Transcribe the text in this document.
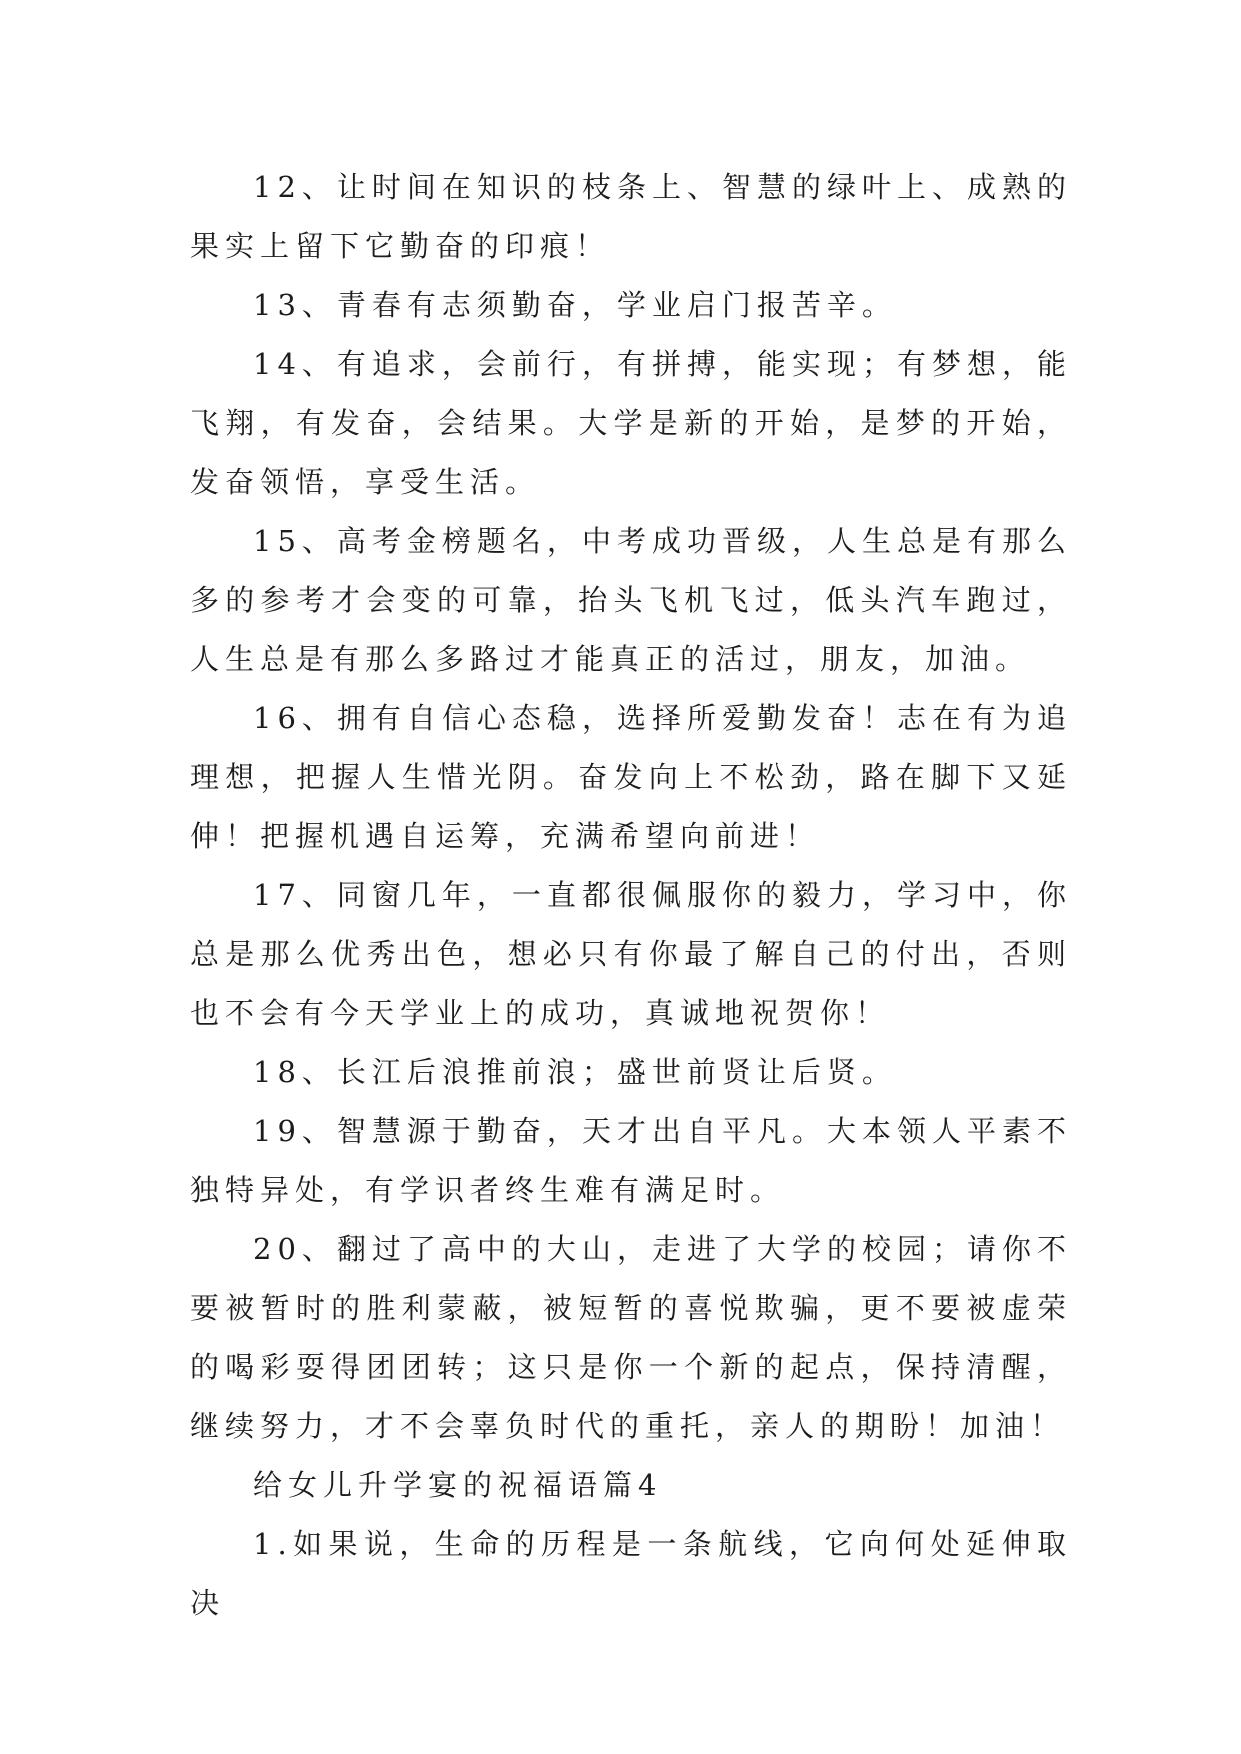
12、让时间在知识的枝条上、智慧的绿叶上、成熟的果实上留下它勤奋的印痕！

13、青春有志须勤奋，学业启门报苦辛。

14、有追求，会前行，有拼搏，能实现；有梦想，能飞翔，有发奋，会结果。大学是新的开始，是梦的开始，发奋领悟，享受生活。

15、高考金榜题名，中考成功晋级，人生总是有那么多的参考才会变的可靠，抬头飞机飞过，低头汽车跑过，人生总是有那么多路过才能真正的活过，朋友，加油。

16、拥有自信心态稳，选择所爱勤发奋！志在有为追理想，把握人生惜光阴。奋发向上不松劲，路在脚下又延伸！把握机遇自运筹，充满希望向前进！

17、同窗几年，一直都很佩服你的毅力，学习中，你总是那么优秀出色，想必只有你最了解自己的付出，否则也不会有今天学业上的成功，真诚地祝贺你！

18、长江后浪推前浪；盛世前贤让后贤。

19、智慧源于勤奋，天才出自平凡。大本领人平素不独特异处，有学识者终生难有满足时。

20、翻过了高中的大山，走进了大学的校园；请你不要被暂时的胜利蒙蔽，被短暂的喜悦欺骗，更不要被虚荣的喝彩耍得团团转；这只是你一个新的起点，保持清醒，继续努力，才不会辜负时代的重托，亲人的期盼！加油！

给女儿升学宴的祝福语篇4

1.如果说，生命的历程是一条航线，它向何处延伸取决
